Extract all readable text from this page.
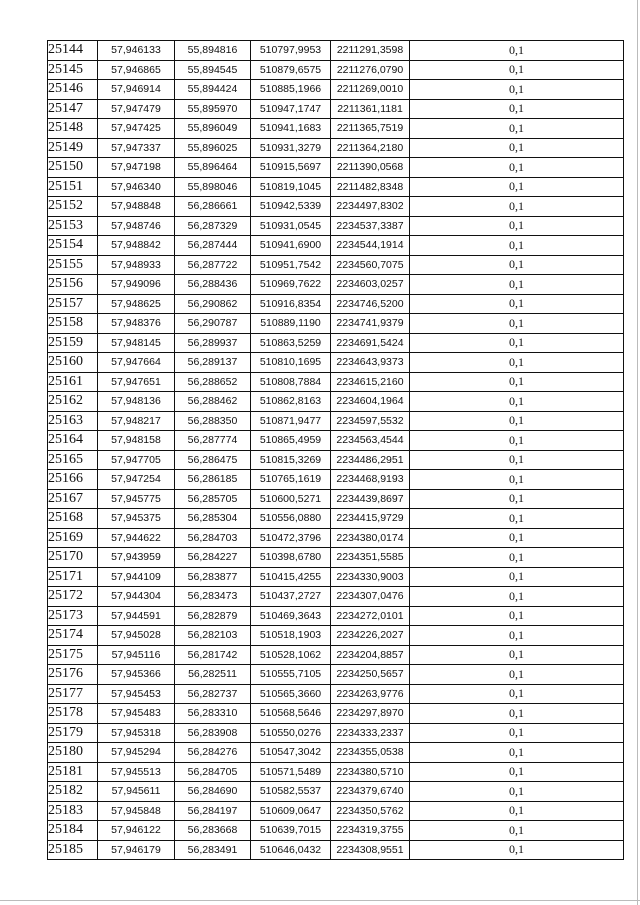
25144	57,946133	55,894816	510797,9953	2211291,3598	0,1
25145	57,946865	55,894545	510879,6575	2211276,0790	0,1
25146	57,946914	55,894424	510885,1966	2211269,0010	0,1
25147	57,947479	55,895970	510947,1747	2211361,1181	0,1
25148	57,947425	55,896049	510941,1683	2211365,7519	0,1
25149	57,947337	55,896025	510931,3279	2211364,2180	0,1
25150	57,947198	55,896464	510915,5697	2211390,0568	0,1
25151	57,946340	55,898046	510819,1045	2211482,8348	0,1
25152	57,948848	56,286661	510942,5339	2234497,8302	0,1
25153	57,948746	56,287329	510931,0545	2234537,3387	0,1
25154	57,948842	56,287444	510941,6900	2234544,1914	0,1
25155	57,948933	56,287722	510951,7542	2234560,7075	0,1
25156	57,949096	56,288436	510969,7622	2234603,0257	0,1
25157	57,948625	56,290862	510916,8354	2234746,5200	0,1
25158	57,948376	56,290787	510889,1190	2234741,9379	0,1
25159	57,948145	56,289937	510863,5259	2234691,5424	0,1
25160	57,947664	56,289137	510810,1695	2234643,9373	0,1
25161	57,947651	56,288652	510808,7884	2234615,2160	0,1
25162	57,948136	56,288462	510862,8163	2234604,1964	0,1
25163	57,948217	56,288350	510871,9477	2234597,5532	0,1
25164	57,948158	56,287774	510865,4959	2234563,4544	0,1
25165	57,947705	56,286475	510815,3269	2234486,2951	0,1
25166	57,947254	56,286185	510765,1619	2234468,9193	0,1
25167	57,945775	56,285705	510600,5271	2234439,8697	0,1
25168	57,945375	56,285304	510556,0880	2234415,9729	0,1
25169	57,944622	56,284703	510472,3796	2234380,0174	0,1
25170	57,943959	56,284227	510398,6780	2234351,5585	0,1
25171	57,944109	56,283877	510415,4255	2234330,9003	0,1
25172	57,944304	56,283473	510437,2727	2234307,0476	0,1
25173	57,944591	56,282879	510469,3643	2234272,0101	0,1
25174	57,945028	56,282103	510518,1903	2234226,2027	0,1
25175	57,945116	56,281742	510528,1062	2234204,8857	0,1
25176	57,945366	56,282511	510555,7105	2234250,5657	0,1
25177	57,945453	56,282737	510565,3660	2234263,9776	0,1
25178	57,945483	56,283310	510568,5646	2234297,8970	0,1
25179	57,945318	56,283908	510550,0276	2234333,2337	0,1
25180	57,945294	56,284276	510547,3042	2234355,0538	0,1
25181	57,945513	56,284705	510571,5489	2234380,5710	0,1
25182	57,945611	56,284690	510582,5537	2234379,6740	0,1
25183	57,945848	56,284197	510609,0647	2234350,5762	0,1
25184	57,946122	56,283668	510639,7015	2234319,3755	0,1
25185	57,946179	56,283491	510646,0432	2234308,9551	0,1
